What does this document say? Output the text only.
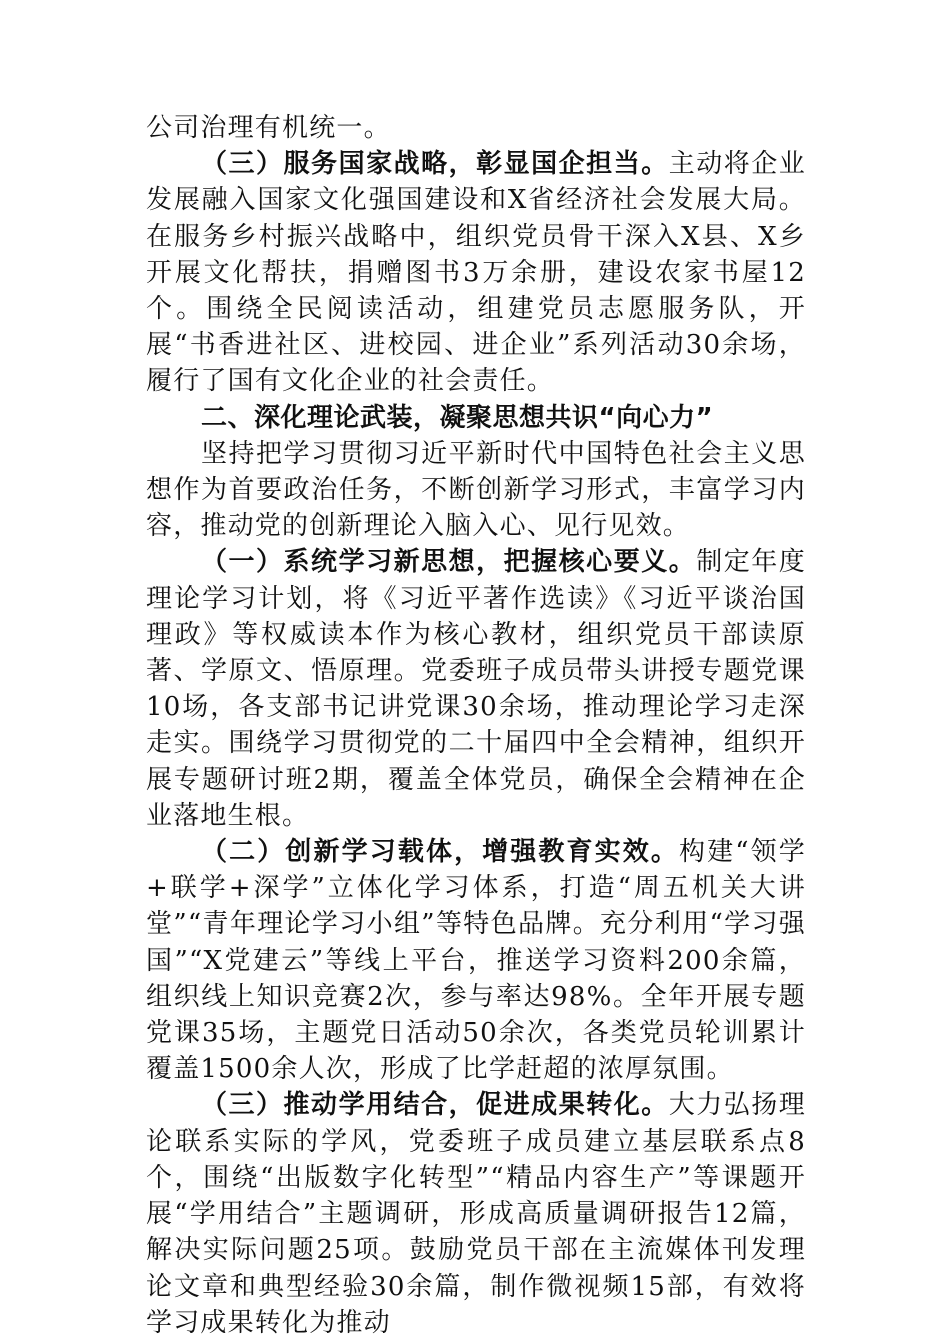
公司治理有机统一。

（三）服务国家战略，彰显国企担当。主动将企业发展融入国家文化强国建设和X省经济社会发展大局。在服务乡村振兴战略中，组织党员骨干深入X县、X乡开展文化帮扶，捐赠图书3万余册，建设农家书屋12个。围绕全民阅读活动，组建党员志愿服务队，开展“书香进社区、进校园、进企业”系列活动30余场，履行了国有文化企业的社会责任。

二、深化理论武装，凝聚思想共识“向心力”

坚持把学习贯彻习近平新时代中国特色社会主义思想作为首要政治任务，不断创新学习形式，丰富学习内容，推动党的创新理论入脑入心、见行见效。

（一）系统学习新思想，把握核心要义。制定年度理论学习计划，将《习近平著作选读》《习近平谈治国理政》等权威读本作为核心教材，组织党员干部读原著、学原文、悟原理。党委班子成员带头讲授专题党课10场，各支部书记讲党课30余场，推动理论学习走深走实。围绕学习贯彻党的二十届四中全会精神，组织开展专题研讨班2期，覆盖全体党员，确保全会精神在企业落地生根。

（二）创新学习载体，增强教育实效。构建“领学+联学+深学”立体化学习体系，打造“周五机关大讲堂”“青年理论学习小组”等特色品牌。充分利用“学习强国”“X党建云”等线上平台，推送学习资料200余篇，组织线上知识竞赛2次，参与率达98%。全年开展专题党课35场，主题党日活动50余次，各类党员轮训累计覆盖1500余人次，形成了比学赶超的浓厚氛围。

（三）推动学用结合，促进成果转化。大力弘扬理论联系实际的学风，党委班子成员建立基层联系点8个，围绕“出版数字化转型”“精品内容生产”等课题开展“学用结合”主题调研，形成高质量调研报告12篇，解决实际问题25项。鼓励党员干部在主流媒体刊发理论文章和典型经验30余篇，制作微视频15部，有效将学习成果转化为推动
